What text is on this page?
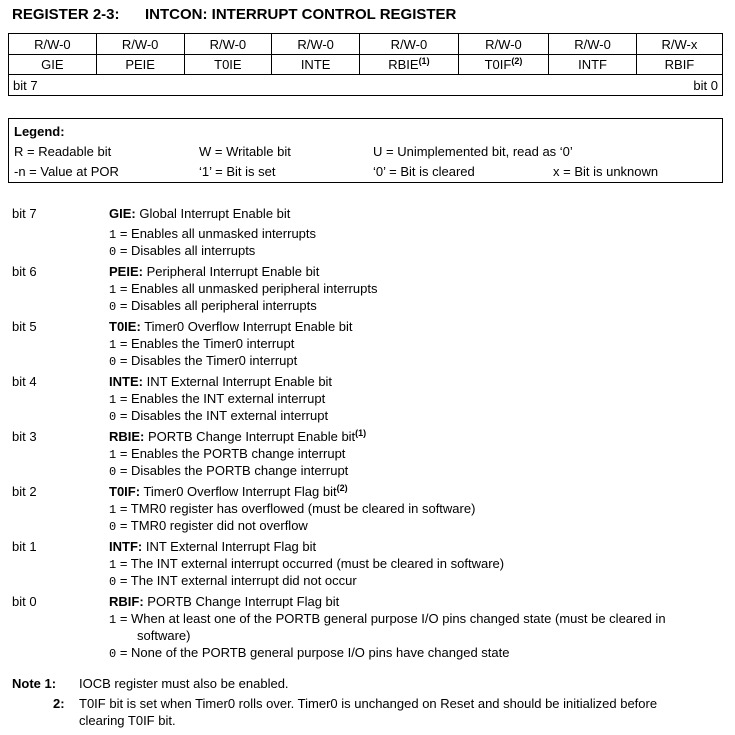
REGISTER 2-3: INTCON: INTERRUPT CONTROL REGISTER
R/W-0	R/W-0	R/W-0	R/W-0	R/W-0	R/W-0	R/W-0	R/W-x
GIE	PEIE	T0IE	INTE	RBIE$^{(1)}$	T0IF$^{(2)}$	INTF	RBIF
bit 7	bit 0
Legend:
R = Readable bit	W = Writable bit	U = Unimplemented bit, read as ‘0’
-n = Value at POR	‘1’ = Bit is set	‘0’ = Bit is cleared	x = Bit is unknown
bit 7	GIE: Global Interrupt Enable bit
1 = Enables all unmasked interrupts
0 = Disables all interrupts
bit 6	PEIE: Peripheral Interrupt Enable bit
1 = Enables all unmasked peripheral interrupts
0 = Disables all peripheral interrupts
bit 5	T0IE: Timer0 Overflow Interrupt Enable bit
1 = Enables the Timer0 interrupt
0 = Disables the Timer0 interrupt
bit 4	INTE: INT External Interrupt Enable bit
1 = Enables the INT external interrupt
0 = Disables the INT external interrupt
bit 3	RBIE: PORTB Change Interrupt Enable bit$^{(1)}$
1 = Enables the PORTB change interrupt
0 = Disables the PORTB change interrupt
bit 2	T0IF: Timer0 Overflow Interrupt Flag bit$^{(2)}$
1 = TMR0 register has overflowed (must be cleared in software)
0 = TMR0 register did not overflow
bit 1	INTF: INT External Interrupt Flag bit
1 = The INT external interrupt occurred (must be cleared in software)
0 = The INT external interrupt did not occur
bit 0	RBIF: PORTB Change Interrupt Flag bit
1 = When at least one of the PORTB general purpose I/O pins changed state (must be cleared in
software)
0 = None of the PORTB general purpose I/O pins have changed state
Note 1: IOCB register must also be enabled.
2: T0IF bit is set when Timer0 rolls over. Timer0 is unchanged on Reset and should be initialized before
clearing T0IF bit.
